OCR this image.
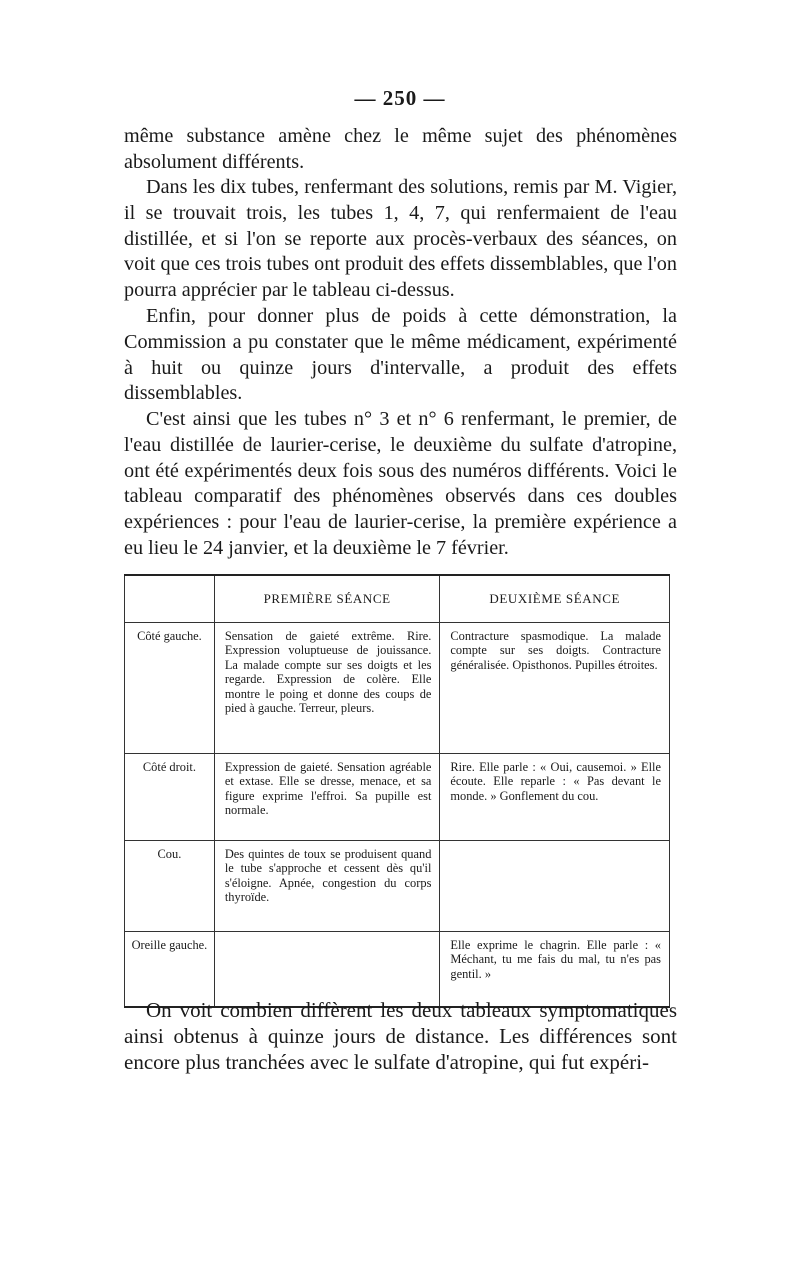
— 250 —

même substance amène chez le même sujet des phénomènes absolument différents.

Dans les dix tubes, renfermant des solutions, remis par M. Vigier, il se trouvait trois, les tubes 1, 4, 7, qui renfermaient de l'eau distillée, et si l'on se reporte aux procès-verbaux des séances, on voit que ces trois tubes ont produit des effets dissemblables, que l'on pourra apprécier par le tableau ci-dessus.

Enfin, pour donner plus de poids à cette démonstration, la Commission a pu constater que le même médicament, expérimenté à huit ou quinze jours d'intervalle, a produit des effets dissemblables.

C'est ainsi que les tubes n° 3 et n° 6 renfermant, le premier, de l'eau distillée de laurier-cerise, le deuxième du sulfate d'atropine, ont été expérimentés deux fois sous des numéros différents. Voici le tableau comparatif des phénomènes observés dans ces doubles expériences : pour l'eau de laurier-cerise, la première expérience a eu lieu le 24 janvier, et la deuxième le 7 février.

	PREMIÈRE SÉANCE	DEUXIÈME SÉANCE
Côté gauche.	Sensation de gaieté extrême. Rire. Expression voluptueuse de jouissance. La malade compte sur ses doigts et les regarde. Expression de colère. Elle montre le poing et donne des coups de pied à gauche. Terreur, pleurs.	Contracture spasmodique. La malade compte sur ses doigts. Contracture généralisée. Opisthonos. Pupilles étroites.
Côté droit.	Expression de gaieté. Sensation agréable et extase. Elle se dresse, menace, et sa figure exprime l'effroi. Sa pupille est normale.	Rire. Elle parle : « Oui, causemoi. » Elle écoute. Elle reparle : « Pas devant le monde. » Gonflement du cou.
Cou.	Des quintes de toux se produisent quand le tube s'approche et cessent dès qu'il s'éloigne. Apnée, congestion du corps thyroïde.	
Oreille gauche.		Elle exprime le chagrin. Elle parle : « Méchant, tu me fais du mal, tu n'es pas gentil. »

On voit combien diffèrent les deux tableaux symptomatiques ainsi obtenus à quinze jours de distance. Les différences sont encore plus tranchées avec le sulfate d'atropine, qui fut expéri-
